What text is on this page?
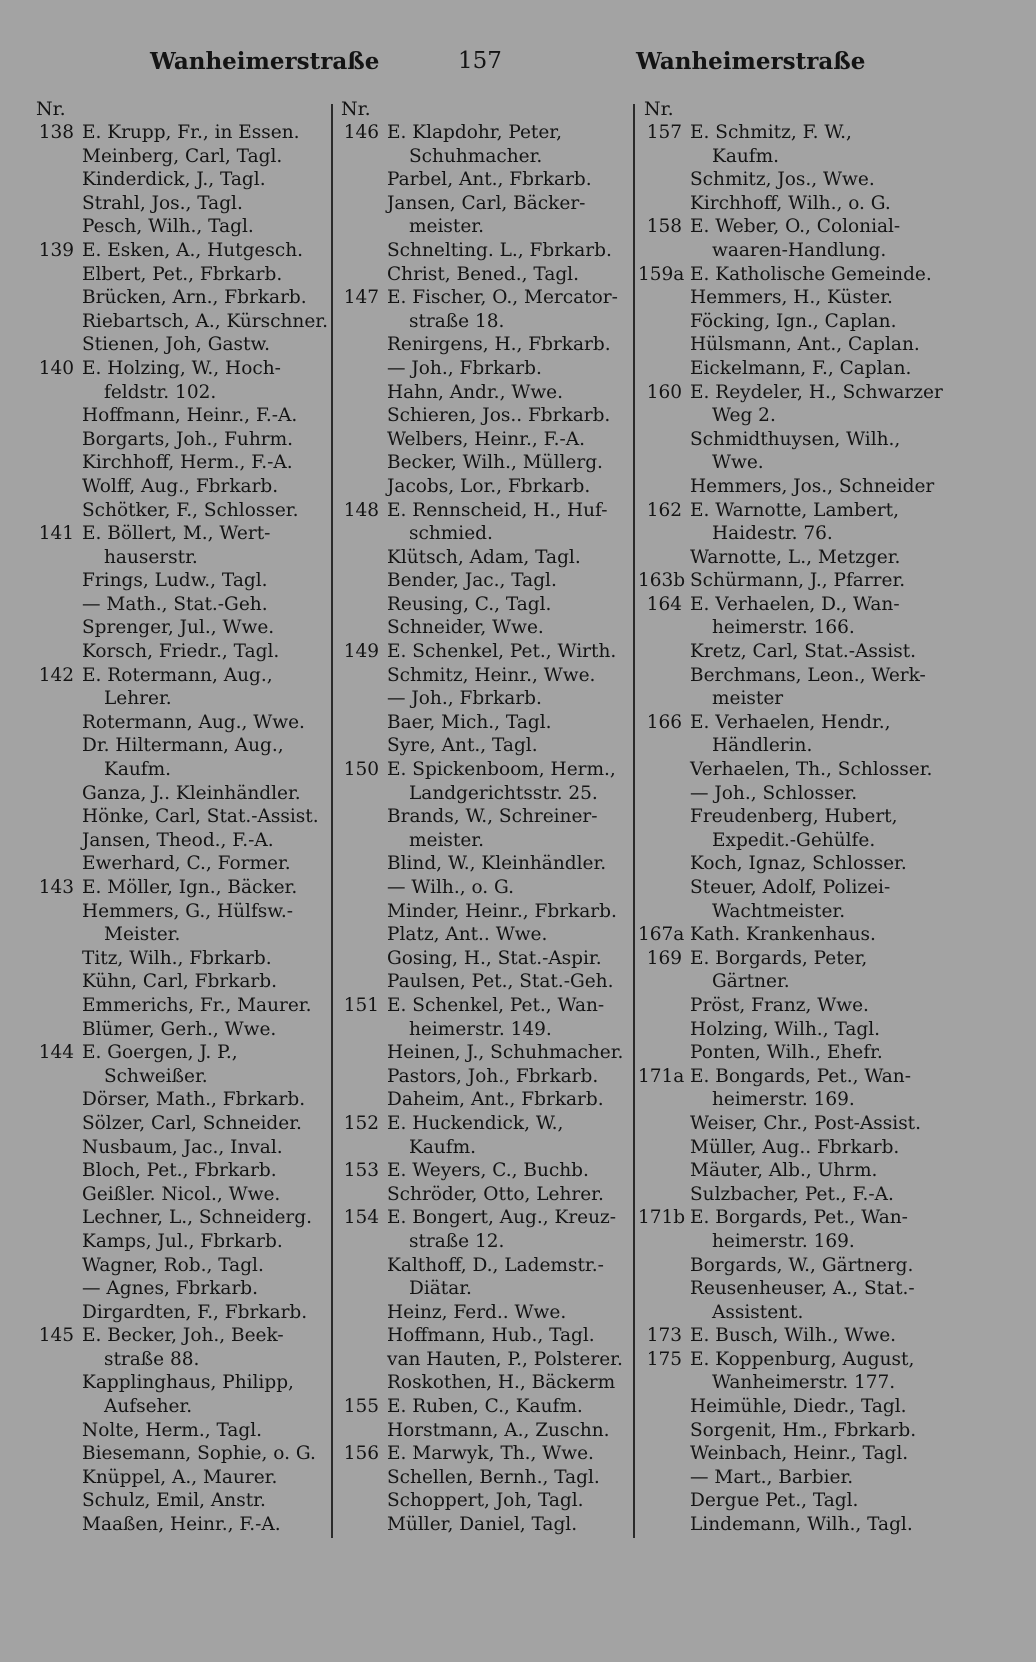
Wanheimerstraße	157	Wanheimerstraße
Nr.
138 E. Krupp, Fr., in Essen.
Meinberg, Carl, Tagl.
Kinderdick, J., Tagl.
Strahl, Jos., Tagl.
Pesch, Wilh., Tagl.
139 E. Esken, A., Hutgesch.
Elbert, Pet., Fbrkarb.
Brücken, Arn., Fbrkarb.
Riebartsch, A., Kürschner.
Stienen, Joh, Gastw.
140 E. Holzing, W., Hoch-
feldstr. 102.
Hoffmann, Heinr., F.-A.
Borgarts, Joh., Fuhrm.
Kirchhoff, Herm., F.-A.
Wolff, Aug., Fbrkarb.
Schötker, F., Schlosser.
141 E. Böllert, M., Wert-
hauserstr.
Frings, Ludw., Tagl.
— Math., Stat.-Geh.
Sprenger, Jul., Wwe.
Korsch, Friedr., Tagl.
142 E. Rotermann, Aug.,
Lehrer.
Rotermann, Aug., Wwe.
Dr. Hiltermann, Aug.,
Kaufm.
Ganza, J.. Kleinhändler.
Hönke, Carl, Stat.-Assist.
Jansen, Theod., F.-A.
Ewerhard, C., Former.
143 E. Möller, Ign., Bäcker.
Hemmers, G., Hülfsw.-
Meister.
Titz, Wilh., Fbrkarb.
Kühn, Carl, Fbrkarb.
Emmerichs, Fr., Maurer.
Blümer, Gerh., Wwe.
144 E. Goergen, J. P.,
Schweißer.
Dörser, Math., Fbrkarb.
Sölzer, Carl, Schneider.
Nusbaum, Jac., Inval.
Bloch, Pet., Fbrkarb.
Geißler. Nicol., Wwe.
Lechner, L., Schneiderg.
Kamps, Jul., Fbrkarb.
Wagner, Rob., Tagl.
— Agnes, Fbrkarb.
Dirgardten, F., Fbrkarb.
145 E. Becker, Joh., Beek-
straße 88.
Kapplinghaus, Philipp,
Aufseher.
Nolte, Herm., Tagl.
Biesemann, Sophie, o. G.
Knüppel, A., Maurer.
Schulz, Emil, Anstr.
Maaßen, Heinr., F.-A.
Nr.
146 E. Klapdohr, Peter,
Schuhmacher.
Parbel, Ant., Fbrkarb.
Jansen, Carl, Bäcker-
meister.
Schnelting. L., Fbrkarb.
Christ, Bened., Tagl.
147 E. Fischer, O., Mercator-
straße 18.
Renirgens, H., Fbrkarb.
— Joh., Fbrkarb.
Hahn, Andr., Wwe.
Schieren, Jos.. Fbrkarb.
Welbers, Heinr., F.-A.
Becker, Wilh., Müllerg.
Jacobs, Lor., Fbrkarb.
148 E. Rennscheid, H., Huf-
schmied.
Klütsch, Adam, Tagl.
Bender, Jac., Tagl.
Reusing, C., Tagl.
Schneider, Wwe.
149 E. Schenkel, Pet., Wirth.
Schmitz, Heinr., Wwe.
— Joh., Fbrkarb.
Baer, Mich., Tagl.
Syre, Ant., Tagl.
150 E. Spickenboom, Herm.,
Landgerichtsstr. 25.
Brands, W., Schreiner-
meister.
Blind, W., Kleinhändler.
— Wilh., o. G.
Minder, Heinr., Fbrkarb.
Platz, Ant.. Wwe.
Gosing, H., Stat.-Aspir.
Paulsen, Pet., Stat.-Geh.
151 E. Schenkel, Pet., Wan-
heimerstr. 149.
Heinen, J., Schuhmacher.
Pastors, Joh., Fbrkarb.
Daheim, Ant., Fbrkarb.
152 E. Huckendick, W.,
Kaufm.
153 E. Weyers, C., Buchb.
Schröder, Otto, Lehrer.
154 E. Bongert, Aug., Kreuz-
straße 12.
Kalthoff, D., Lademstr.-
Diätar.
Heinz, Ferd.. Wwe.
Hoffmann, Hub., Tagl.
van Hauten, P., Polsterer.
Roskothen, H., Bäckerm
155 E. Ruben, C., Kaufm.
Horstmann, A., Zuschn.
156 E. Marwyk, Th., Wwe.
Schellen, Bernh., Tagl.
Schoppert, Joh, Tagl.
Müller, Daniel, Tagl.
Nr.
157 E. Schmitz, F. W.,
Kaufm.
Schmitz, Jos., Wwe.
Kirchhoff, Wilh., o. G.
158 E. Weber, O., Colonial-
waaren-Handlung.
159a E. Katholische Gemeinde.
Hemmers, H., Küster.
Föcking, Ign., Caplan.
Hülsmann, Ant., Caplan.
Eickelmann, F., Caplan.
160 E. Reydeler, H., Schwarzer
Weg 2.
Schmidthuysen, Wilh.,
Wwe.
Hemmers, Jos., Schneider
162 E. Warnotte, Lambert,
Haidestr. 76.
Warnotte, L., Metzger.
163b Schürmann, J., Pfarrer.
164 E. Verhaelen, D., Wan-
heimerstr. 166.
Kretz, Carl, Stat.-Assist.
Berchmans, Leon., Werk-
meister
166 E. Verhaelen, Hendr.,
Händlerin.
Verhaelen, Th., Schlosser.
— Joh., Schlosser.
Freudenberg, Hubert,
Expedit.-Gehülfe.
Koch, Ignaz, Schlosser.
Steuer, Adolf, Polizei-
Wachtmeister.
167a Kath. Krankenhaus.
169 E. Borgards, Peter,
Gärtner.
Pröst, Franz, Wwe.
Holzing, Wilh., Tagl.
Ponten, Wilh., Ehefr.
171a E. Bongards, Pet., Wan-
heimerstr. 169.
Weiser, Chr., Post-Assist.
Müller, Aug.. Fbrkarb.
Mäuter, Alb., Uhrm.
Sulzbacher, Pet., F.-A.
171b E. Borgards, Pet., Wan-
heimerstr. 169.
Borgards, W., Gärtnerg.
Reusenheuser, A., Stat.-
Assistent.
173 E. Busch, Wilh., Wwe.
175 E. Koppenburg, August,
Wanheimerstr. 177.
Heimühle, Diedr., Tagl.
Sorgenit, Hm., Fbrkarb.
Weinbach, Heinr., Tagl.
— Mart., Barbier.
Dergue Pet., Tagl.
Lindemann, Wilh., Tagl.
